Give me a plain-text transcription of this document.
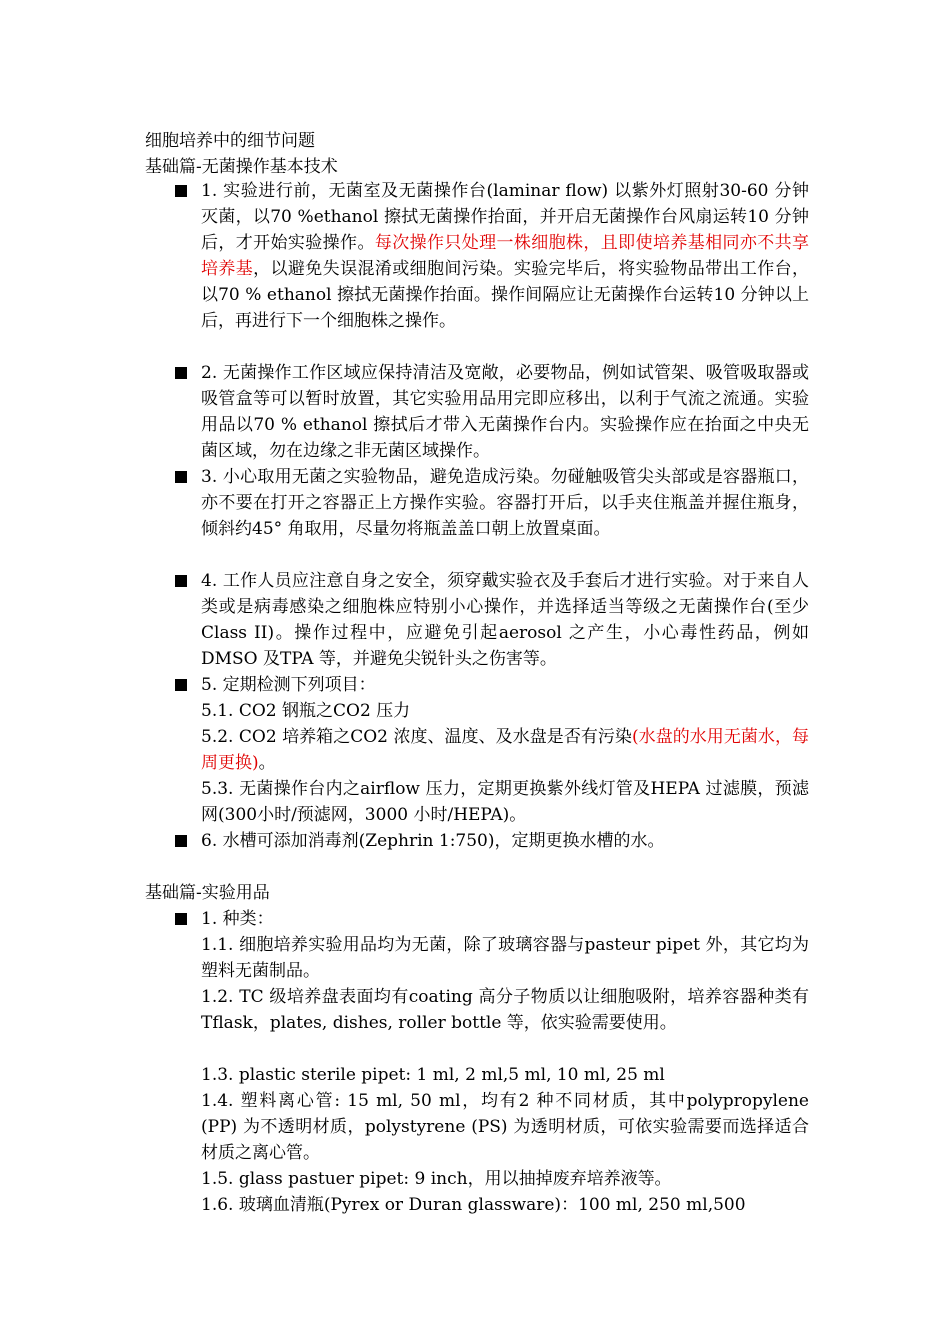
细胞培养中的细节问题
基础篇-无菌操作基本技术
1. 实验进行前，无菌室及无菌操作台(laminar flow) 以紫外灯照射30-60 分钟灭菌，以70 %ethanol 擦拭无菌操作抬面，并开启无菌操作台风扇运转10 分钟后，才开始实验操作。每次操作只处理一株细胞株，且即使培养基相同亦不共享培养基，以避免失误混淆或细胞间污染。实验完毕后，将实验物品带出工作台，以70 % ethanol 擦拭无菌操作抬面。操作间隔应让无菌操作台运转10 分钟以上后，再进行下一个细胞株之操作。
2. 无菌操作工作区域应保持清洁及宽敞，必要物品，例如试管架、吸管吸取器或吸管盒等可以暂时放置，其它实验用品用完即应移出，以利于气流之流通。实验用品以70 % ethanol 擦拭后才带入无菌操作台内。实验操作应在抬面之中央无菌区域，勿在边缘之非无菌区域操作。
3. 小心取用无菌之实验物品，避免造成污染。勿碰触吸管尖头部或是容器瓶口，亦不要在打开之容器正上方操作实验。容器打开后，以手夹住瓶盖并握住瓶身，倾斜约45° 角取用，尽量勿将瓶盖盖口朝上放置桌面。
4. 工作人员应注意自身之安全，须穿戴实验衣及手套后才进行实验。对于来自人类或是病毒感染之细胞株应特别小心操作，并选择适当等级之无菌操作台(至少Class II)。操作过程中，应避免引起aerosol 之产生，小心毒性药品，例如DMSO 及TPA 等，并避免尖锐针头之伤害等。
5. 定期检测下列项目：
5.1. CO2 钢瓶之CO2 压力
5.2. CO2 培养箱之CO2 浓度、温度、及水盘是否有污染(水盘的水用无菌水，每周更换)。
5.3. 无菌操作台内之airflow 压力，定期更换紫外线灯管及HEPA 过滤膜，预滤网(300小时/预滤网，3000 小时/HEPA)。
6. 水槽可添加消毒剂(Zephrin 1:750)，定期更换水槽的水。
基础篇-实验用品
1. 种类：
1.1. 细胞培养实验用品均为无菌，除了玻璃容器与pasteur pipet 外，其它均为塑料无菌制品。
1.2. TC 级培养盘表面均有coating 高分子物质以让细胞吸附，培养容器种类有Tflask，plates, dishes, roller bottle 等，依实验需要使用。
1.3. plastic sterile pipet: 1 ml, 2 ml,5 ml, 10 ml, 25 ml
1.4. 塑料离心管: 15 ml, 50 ml，均有2 种不同材质，其中polypropylene (PP) 为不透明材质，polystyrene (PS) 为透明材质，可依实验需要而选择适合材质之离心管。
1.5. glass pastuer pipet: 9 inch，用以抽掉废弃培养液等。
1.6. 玻璃血清瓶(Pyrex or Duran glassware)：100 ml, 250 ml,500
